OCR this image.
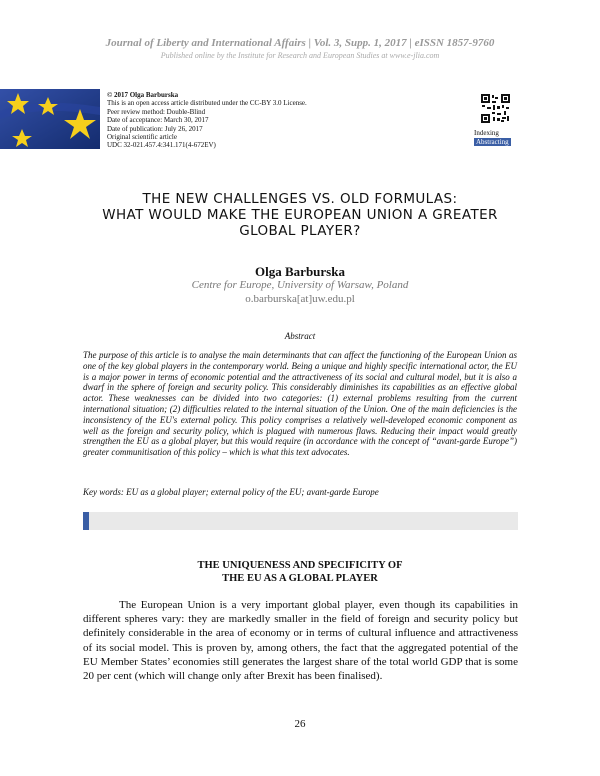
Journal of Liberty and International Affairs | Vol. 3, Supp. 1, 2017 | eISSN 1857-9760
Published online by the Institute for Research and European Studies at www.e-jlia.com
© 2017 Olga Barburska
This is an open access article distributed under the CC-BY 3.0 License.
Peer review method: Double-Blind
Date of acceptance: March 30, 2017
Date of publication: July 26, 2017
Original scientific article
UDC 32-021.457.4:341.171(4-672EV)
Indexing
Abstracting
THE NEW CHALLENGES VS. OLD FORMULAS:
WHAT WOULD MAKE THE EUROPEAN UNION A GREATER
GLOBAL PLAYER?
Olga Barburska
Centre for Europe, University of Warsaw, Poland
o.barburska[at]uw.edu.pl
Abstract
The purpose of this article is to analyse the main determinants that can affect the functioning of the European Union as one of the key global players in the contemporary world. Being a unique and highly specific international actor, the EU is a major power in terms of economic potential and the attractiveness of its social and cultural model, but it is also a dwarf in the sphere of foreign and security policy. This considerably diminishes its capabilities as an effective global actor. These weaknesses can be divided into two categories: (1) external problems resulting from the current international situation; (2) difficulties related to the internal situation of the Union. One of the main deficiencies is the inconsistency of the EU's external policy. This policy comprises a relatively well-developed economic component as well as the foreign and security policy, which is plagued with numerous flaws. Reducing their impact would greatly strengthen the EU as a global player, but this would require (in accordance with the concept of “avant-garde Europe”) greater communitisation of this policy – which is what this text advocates.
Key words: EU as a global player; external policy of the EU; avant-garde Europe
THE UNIQUENESS AND SPECIFICITY OF
THE EU AS A GLOBAL PLAYER
The European Union is a very important global player, even though its capabilities in different spheres vary: they are markedly smaller in the field of foreign and security policy but definitely considerable in the area of economy or in terms of cultural influence and attractiveness of its social model. This is proven by, among others, the fact that the aggregated potential of the EU Member States’ economies still generates the largest share of the total world GDP that is some 20 per cent (which will change only after Brexit has been finalised).
26
